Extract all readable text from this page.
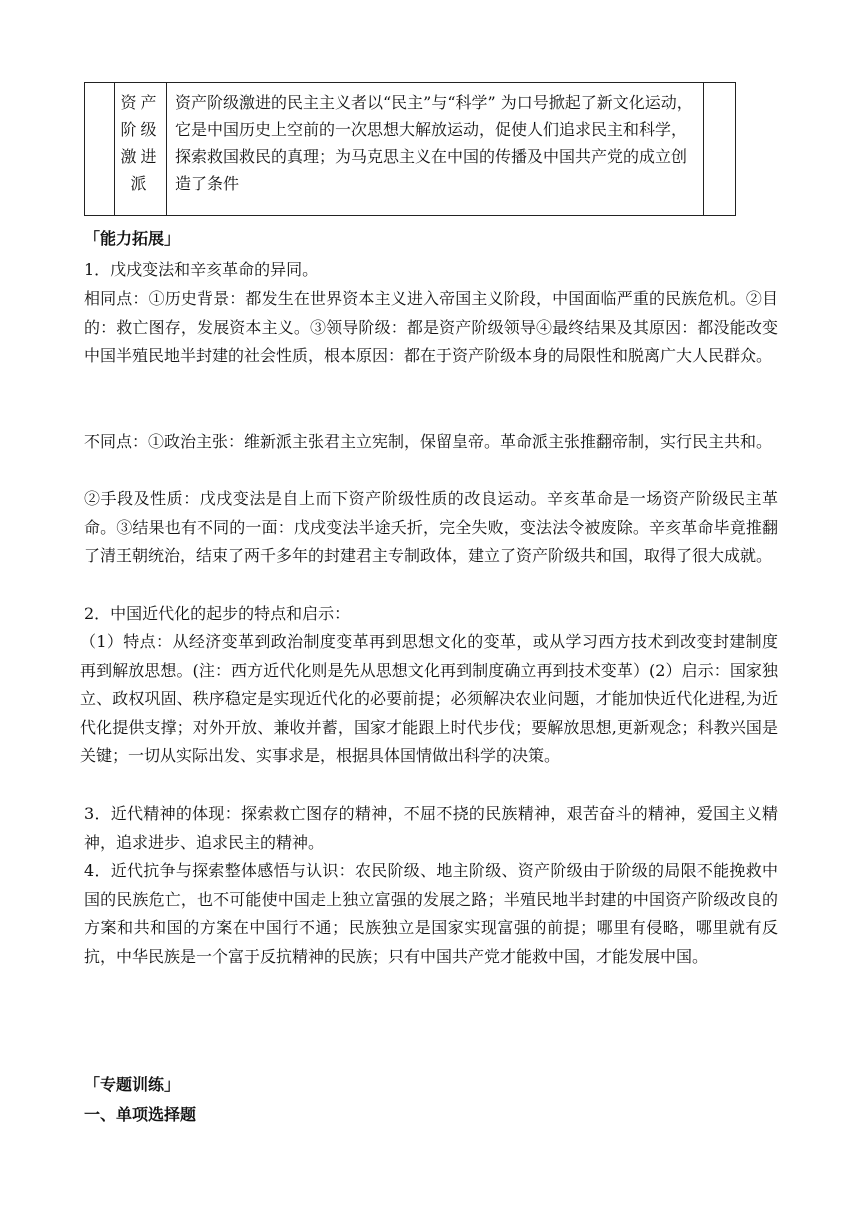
资产阶级激进派
资产阶级激进的民主主义者以“民主”与“科学” 为口号掀起了新文化运动，它是中国历史上空前的一次思想大解放运动，促使人们追求民主和科学，探索救国救民的真理；为马克思主义在中国的传播及中国共产党的成立创造了条件
「能力拓展」
1．戊戌变法和辛亥革命的异同。
相同点：①历史背景：都发生在世界资本主义进入帝国主义阶段，中国面临严重的民族危机。②目的：救亡图存，发展资本主义。③领导阶级：都是资产阶级领导④最终结果及其原因：都没能改变中国半殖民地半封建的社会性质，根本原因：都在于资产阶级本身的局限性和脱离广大人民群众。
不同点：①政治主张：维新派主张君主立宪制，保留皇帝。革命派主张推翻帝制，实行民主共和。
②手段及性质：戊戌变法是自上而下资产阶级性质的改良运动。辛亥革命是一场资产阶级民主革命。③结果也有不同的一面：戊戌变法半途夭折，完全失败，变法法令被废除。辛亥革命毕竟推翻了清王朝统治，结束了两千多年的封建君主专制政体，建立了资产阶级共和国，取得了很大成就。
2．中国近代化的起步的特点和启示：
（1）特点：从经济变革到政治制度变革再到思想文化的变革，或从学习西方技术到改变封建制度再到解放思想。(注：西方近代化则是先从思想文化再到制度确立再到技术变革）(2）启示：国家独立、政权巩固、秩序稳定是实现近代化的必要前提；必须解决农业问题，才能加快近代化进程,为近代化提供支撑；对外开放、兼收并蓄，国家才能跟上时代步伐；要解放思想,更新观念；科教兴国是关键；一切从实际出发、实事求是，根据具体国情做出科学的决策。
3．近代精神的体现：探索救亡图存的精神，不屈不挠的民族精神，艰苦奋斗的精神，爱国主义精神，追求进步、追求民主的精神。
4．近代抗争与探索整体感悟与认识：农民阶级、地主阶级、资产阶级由于阶级的局限不能挽救中国的民族危亡，也不可能使中国走上独立富强的发展之路；半殖民地半封建的中国资产阶级改良的方案和共和国的方案在中国行不通；民族独立是国家实现富强的前提；哪里有侵略，哪里就有反抗，中华民族是一个富于反抗精神的民族；只有中国共产党才能救中国，才能发展中国。
「专题训练」
一、单项选择题
